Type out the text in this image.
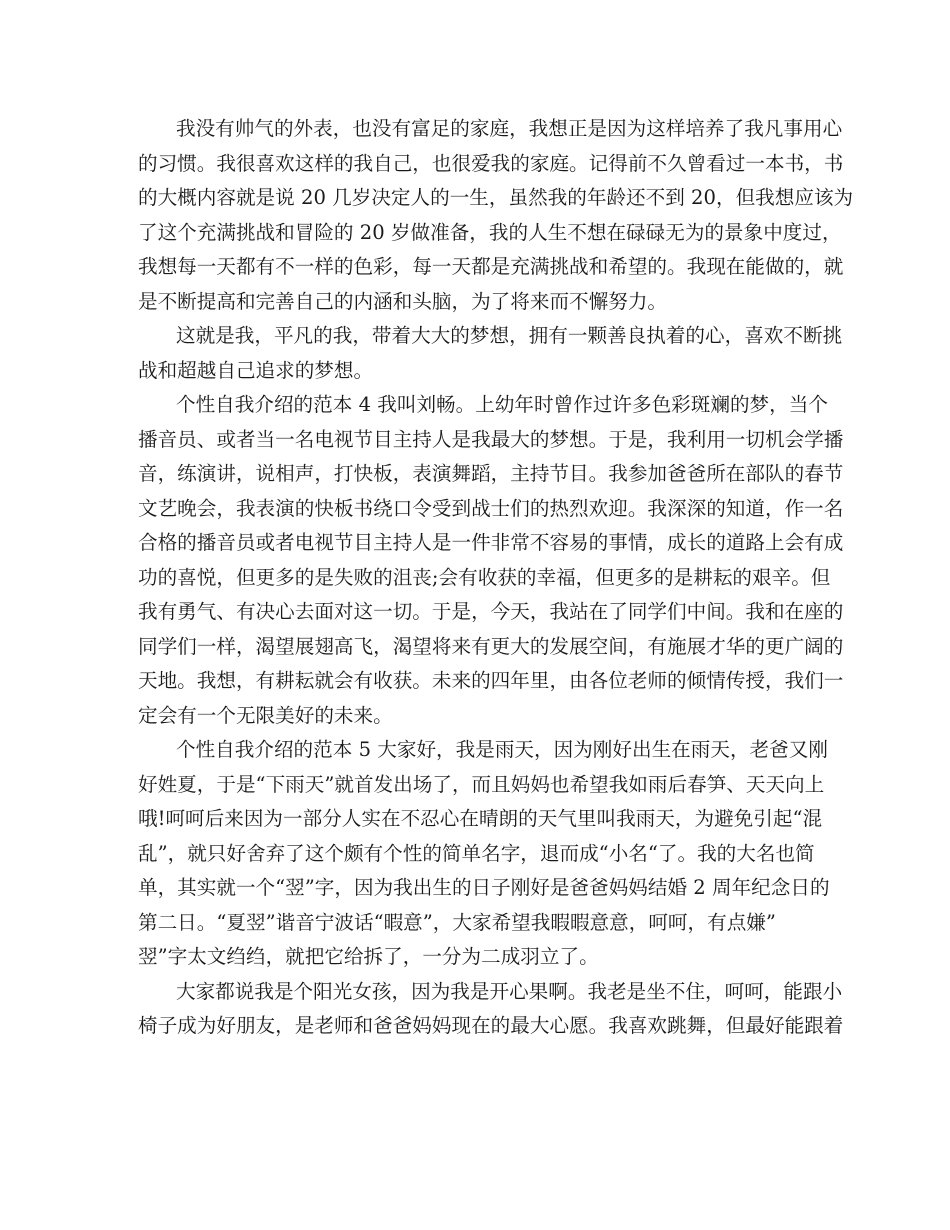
我没有帅气的外表，也没有富足的家庭，我想正是因为这样培养了我凡事用心
的习惯。我很喜欢这样的我自己，也很爱我的家庭。记得前不久曾看过一本书，书
的大概内容就是说 20 几岁决定人的一生，虽然我的年龄还不到 20，但我想应该为
了这个充满挑战和冒险的 20 岁做准备，我的人生不想在碌碌无为的景象中度过，
我想每一天都有不一样的色彩，每一天都是充满挑战和希望的。我现在能做的，就
是不断提高和完善自己的内涵和头脑，为了将来而不懈努力。
这就是我，平凡的我，带着大大的梦想，拥有一颗善良执着的心，喜欢不断挑
战和超越自己追求的梦想。
个性自我介绍的范本 4 我叫刘畅。上幼年时曾作过许多色彩斑斓的梦，当个
播音员、或者当一名电视节目主持人是我最大的梦想。于是，我利用一切机会学播
音，练演讲，说相声，打快板，表演舞蹈，主持节目。我参加爸爸所在部队的春节
文艺晚会，我表演的快板书绕口令受到战士们的热烈欢迎。我深深的知道，作一名
合格的播音员或者电视节目主持人是一件非常不容易的事情，成长的道路上会有成
功的喜悦，但更多的是失败的沮丧;会有收获的幸福，但更多的是耕耘的艰辛。但
我有勇气、有决心去面对这一切。于是，今天，我站在了同学们中间。我和在座的
同学们一样，渴望展翅高飞，渴望将来有更大的发展空间，有施展才华的更广阔的
天地。我想，有耕耘就会有收获。未来的四年里，由各位老师的倾情传授，我们一
定会有一个无限美好的未来。
个性自我介绍的范本 5 大家好，我是雨天，因为刚好出生在雨天，老爸又刚
好姓夏，于是“下雨天”就首发出场了，而且妈妈也希望我如雨后春笋、天天向上
哦!呵呵后来因为一部分人实在不忍心在晴朗的天气里叫我雨天，为避免引起“混
乱”，就只好舍弃了这个颇有个性的简单名字，退而成“小名“了。我的大名也简
单，其实就一个“翌”字，因为我出生的日子刚好是爸爸妈妈结婚 2 周年纪念日的
第二日。“夏翌”谐音宁波话“暇意”，大家希望我暇暇意意，呵呵，有点嫌”
翌”字太文绉绉，就把它给拆了，一分为二成羽立了。
大家都说我是个阳光女孩，因为我是开心果啊。我老是坐不住，呵呵，能跟小
椅子成为好朋友，是老师和爸爸妈妈现在的最大心愿。我喜欢跳舞，但最好能跟着
